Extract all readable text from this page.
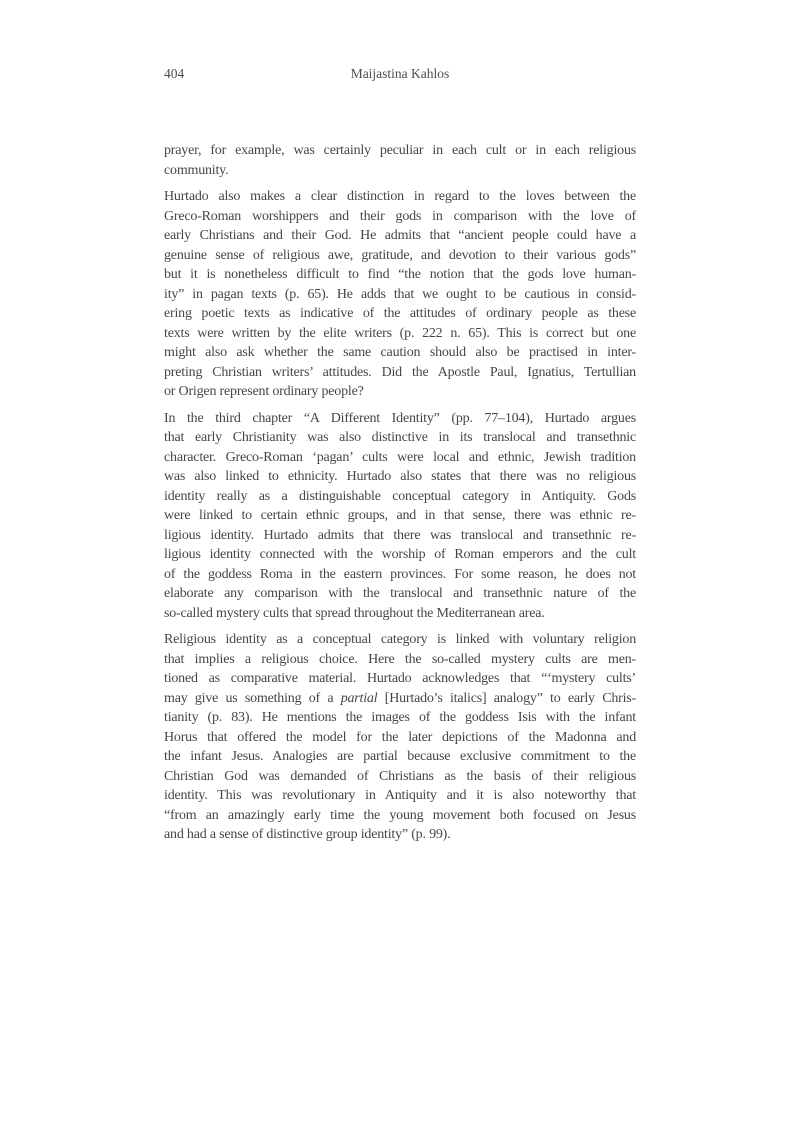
404	Maijastina Kahlos
prayer, for example, was certainly peculiar in each cult or in each religious
community.
Hurtado also makes a clear distinction in regard to the loves between the
Greco-Roman worshippers and their gods in comparison with the love of
early Christians and their God. He admits that “ancient people could have a
genuine sense of religious awe, gratitude, and devotion to their various gods”
but it is nonetheless difficult to find “the notion that the gods love human-
ity” in pagan texts (p. 65). He adds that we ought to be cautious in consid-
ering poetic texts as indicative of the attitudes of ordinary people as these
texts were written by the elite writers (p. 222 n. 65). This is correct but one
might also ask whether the same caution should also be practised in inter-
preting Christian writers’ attitudes. Did the Apostle Paul, Ignatius, Tertullian
or Origen represent ordinary people?
In the third chapter “A Different Identity” (pp. 77–104), Hurtado argues
that early Christianity was also distinctive in its translocal and transethnic
character. Greco-Roman ‘pagan’ cults were local and ethnic, Jewish tradition
was also linked to ethnicity. Hurtado also states that there was no religious
identity really as a distinguishable conceptual category in Antiquity. Gods
were linked to certain ethnic groups, and in that sense, there was ethnic re-
ligious identity. Hurtado admits that there was translocal and transethnic re-
ligious identity connected with the worship of Roman emperors and the cult
of the goddess Roma in the eastern provinces. For some reason, he does not
elaborate any comparison with the translocal and transethnic nature of the
so-called mystery cults that spread throughout the Mediterranean area.
Religious identity as a conceptual category is linked with voluntary religion
that implies a religious choice. Here the so-called mystery cults are men-
tioned as comparative material. Hurtado acknowledges that “‘mystery cults’
may give us something of a partial [Hurtado’s italics] analogy” to early Chris-
tianity (p. 83). He mentions the images of the goddess Isis with the infant
Horus that offered the model for the later depictions of the Madonna and
the infant Jesus. Analogies are partial because exclusive commitment to the
Christian God was demanded of Christians as the basis of their religious
identity. This was revolutionary in Antiquity and it is also noteworthy that
“from an amazingly early time the young movement both focused on Jesus
and had a sense of distinctive group identity” (p. 99).
